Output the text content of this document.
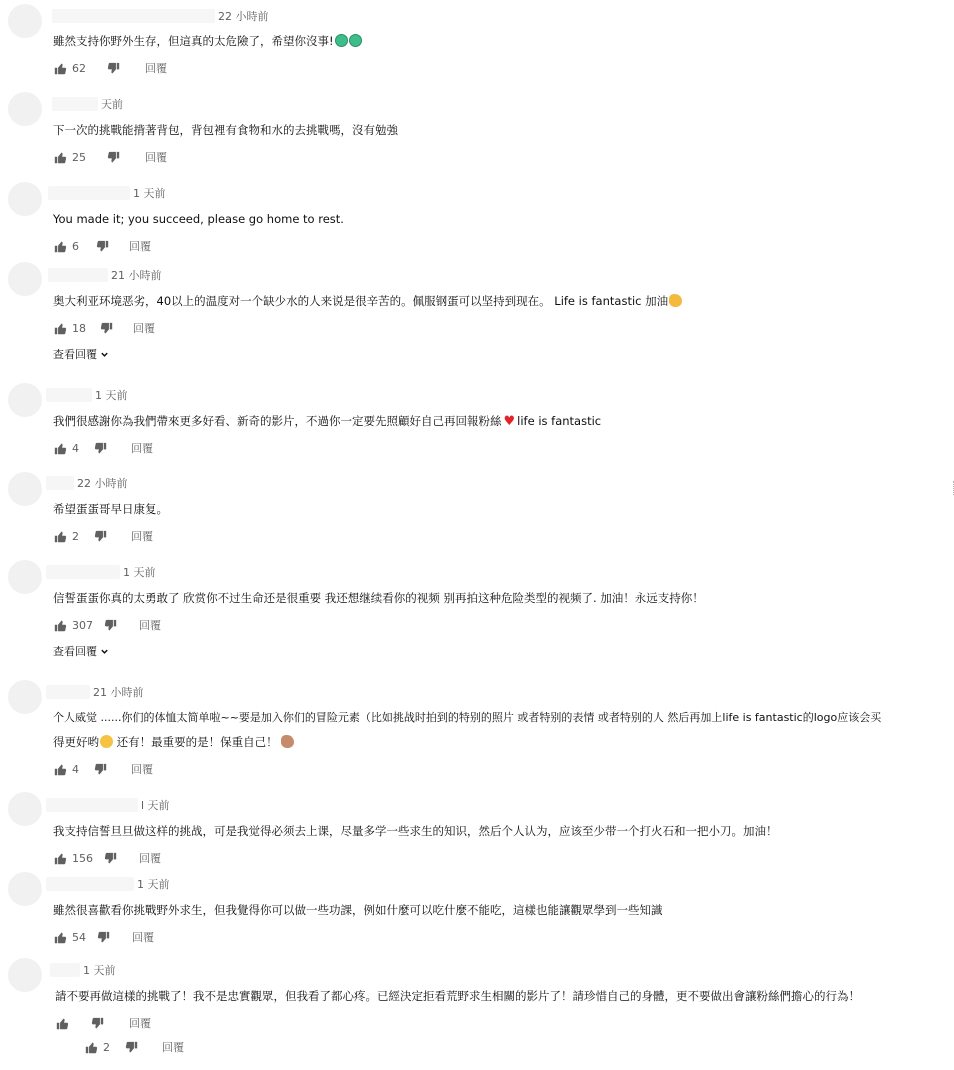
22 小時前
雖然支持你野外生存，但這真的太危險了，希望你沒事!
62	回覆
天前
下一次的挑戰能揹著背包，背包裡有食物和水的去挑戰嗎，沒有勉強
25	回覆
1 天前
You made it; you succeed, please go home to rest.
6	回覆
21 小時前
奥大利亚环境恶劣，40以上的温度对一个缺少水的人来说是很辛苦的。佩服钢蛋可以坚持到现在。 Life is fantastic 加油
18	回覆
查看回覆
1 天前
我們很感謝你為我們帶來更多好看、新奇的影片，不過你一定要先照顧好自己再回報粉絲 ♥ life is fantastic
4	回覆
22 小時前
希望蛋蛋哥早日康复。
2	回覆
1 天前
信誓蛋蛋你真的太勇敢了 欣赏你不过生命还是很重要 我还想继续看你的视频 别再拍这种危险类型的视频了. 加油！永远支持你！
307	回覆
查看回覆
21 小時前
个人威觉 ......你们的体恤太简单啦~~要是加入你们的冒险元素（比如挑战时拍到的特别的照片 或者特别的表情 或者特别的人 然后再加上life is fantastic的logo应该会买
得更好哟 还有！最重要的是！保重自己！
4	回覆
l 天前
我支持信誓旦旦做这样的挑战，可是我觉得必须去上课，尽量多学一些求生的知识，然后个人认为，应该至少带一个打火石和一把小刀。加油！
156	回覆
1 天前
雖然很喜歡看你挑戰野外求生，但我覺得你可以做一些功課，例如什麼可以吃什麼不能吃，這樣也能讓觀眾學到一些知識
54	回覆
1 天前
請不要再做這樣的挑戰了！我不是忠實觀眾，但我看了都心疼。已經決定拒看荒野求生相關的影片了！請珍惜自己的身體，更不要做出會讓粉絲們擔心的行為！
回覆
2	回覆
